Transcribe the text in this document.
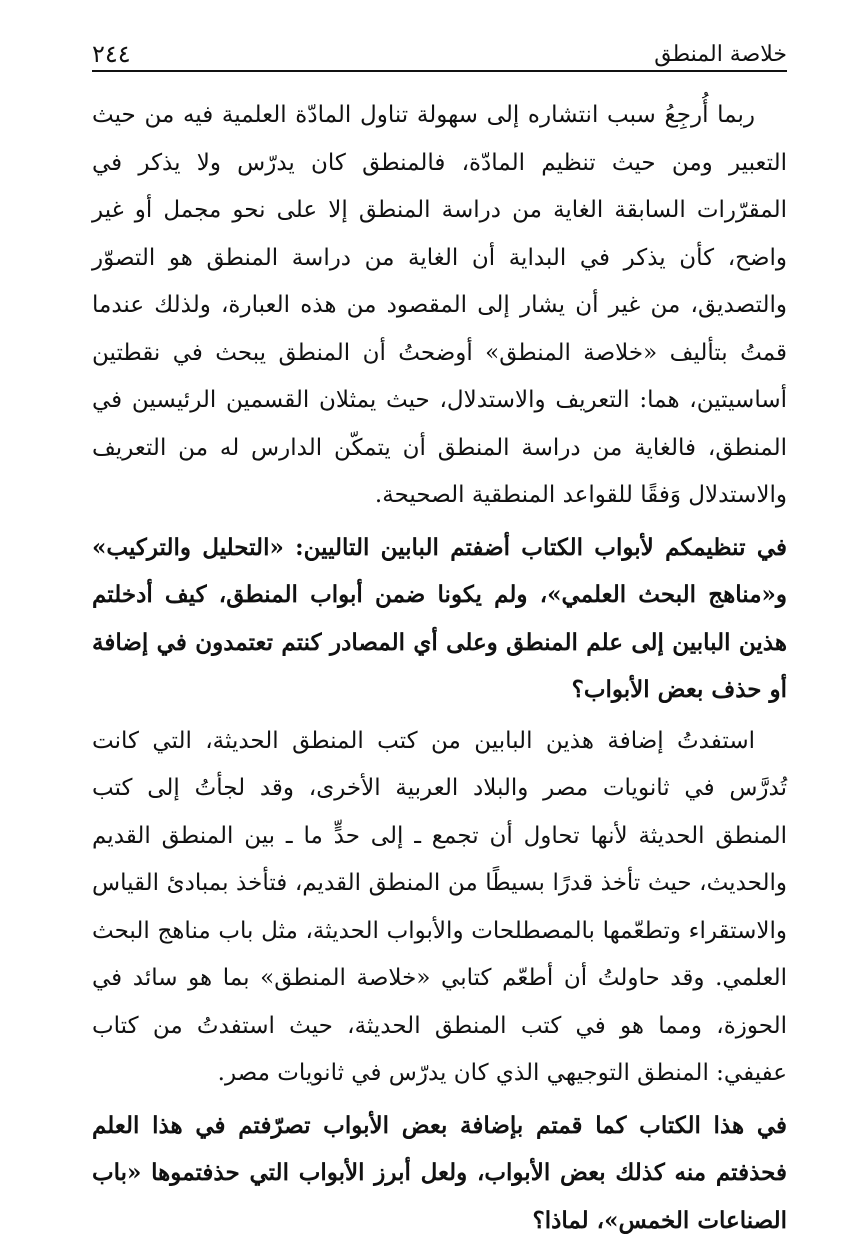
خلاصة المنطق
٢٤٤

ربما أُرجِعُ سبب انتشاره إلى سهولة تناول المادّة العلمية فيه من حيث التعبير ومن حيث تنظيم المادّة، فالمنطق كان يدرّس ولا يذكر في المقرّرات السابقة الغاية من دراسة المنطق إلا على نحو مجمل أو غير واضح، كأن يذكر في البداية أن الغاية من دراسة المنطق هو التصوّر والتصديق، من غير أن يشار إلى المقصود من هذه العبارة، ولذلك عندما قمتُ بتأليف «خلاصة المنطق» أوضحتُ أن المنطق يبحث في نقطتين أساسيتين، هما: التعريف والاستدلال، حيث يمثلان القسمين الرئيسين في المنطق، فالغاية من دراسة المنطق أن يتمكّن الدارس له من التعريف والاستدلال وَفقًا للقواعد المنطقية الصحيحة.

في تنظيمكم لأبواب الكتاب أضفتم البابين التاليين: «التحليل والتركيب» و«مناهج البحث العلمي»، ولم يكونا ضمن أبواب المنطق، كيف أدخلتم هذين البابين إلى علم المنطق وعلى أي المصادر كنتم تعتمدون في إضافة أو حذف بعض الأبواب؟

استفدتُ إضافة هذين البابين من كتب المنطق الحديثة، التي كانت تُدرَّس في ثانويات مصر والبلاد العربية الأخرى، وقد لجأتُ إلى كتب المنطق الحديثة لأنها تحاول أن تجمع ـ إلى حدٍّ ما ـ بين المنطق القديم والحديث، حيث تأخذ قدرًا بسيطًا من المنطق القديم، فتأخذ بمبادئ القياس والاستقراء وتطعّمها بالمصطلحات والأبواب الحديثة، مثل باب مناهج البحث العلمي. وقد حاولتُ أن أطعّم كتابي «خلاصة المنطق» بما هو سائد في الحوزة، ومما هو في كتب المنطق الحديثة، حيث استفدتُ من كتاب عفيفي: المنطق التوجيهي الذي كان يدرّس في ثانويات مصر.

في هذا الكتاب كما قمتم بإضافة بعض الأبواب تصرّفتم في هذا العلم فحذفتم منه كذلك بعض الأبواب، ولعل أبرز الأبواب التي حذفتموها «باب الصناعات الخمس»، لماذا؟
